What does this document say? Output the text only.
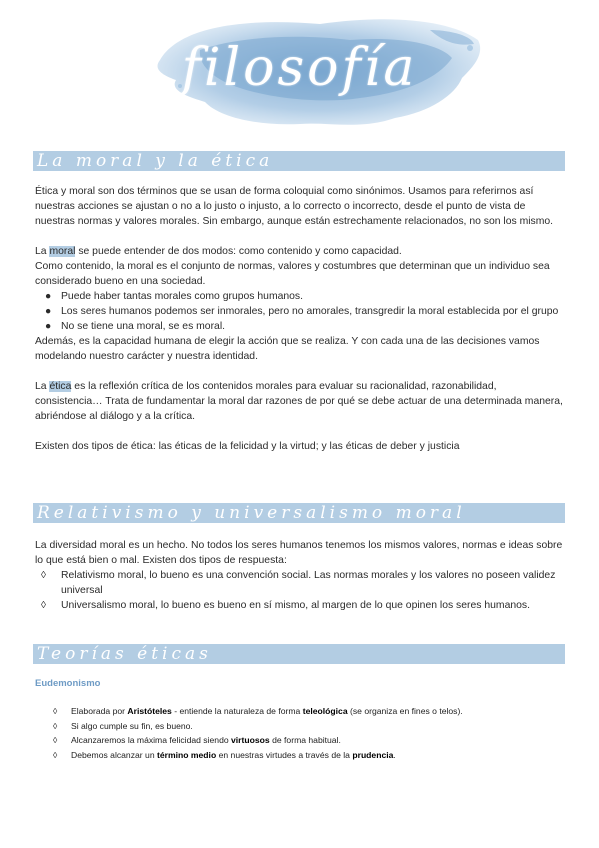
filosofía
La moral y la ética

Ética y moral son dos términos que se usan de forma coloquial como sinónimos. Usamos para referirnos así nuestras acciones se ajustan o no a lo justo o injusto, a lo correcto o incorrecto, desde el punto de vista de nuestras normas y valores morales. Sin embargo, aunque están estrechamente relacionados, no son los mismo.

La moral se puede entender de dos modos: como contenido y como capacidad.

Como contenido, la moral es el conjunto de normas, valores y costumbres que determinan que un individuo sea considerado bueno en una sociedad.

● Puede haber tantas morales como grupos humanos.
● Los seres humanos podemos ser inmorales, pero no amorales, transgredir la moral establecida por el grupo
● No se tiene una moral, se es moral.

Además, es la capacidad humana de elegir la acción que se realiza. Y con cada una de las decisiones vamos modelando nuestro carácter y nuestra identidad.

La ética es la reflexión crítica de los contenidos morales para evaluar su racionalidad, razonabilidad, consistencia… Trata de fundamentar la moral dar razones de por qué se debe actuar de una determinada manera, abriéndose al diálogo y a la crítica.

Existen dos tipos de ética: las éticas de la felicidad y la virtud; y las éticas de deber y justicia

Relativismo y universalismo moral

La diversidad moral es un hecho. No todos los seres humanos tenemos los mismos valores, normas e ideas sobre lo que está bien o mal. Existen dos tipos de respuesta:

◊ Relativismo moral, lo bueno es una convención social. Las normas morales y los valores no poseen validez universal
◊ Universalismo moral, lo bueno es bueno en sí mismo, al margen de lo que opinen los seres humanos.
Teorías éticas
Eudemonismo
◊ Elaborada por Aristóteles - entiende la naturaleza de forma teleológica (se organiza en fines o telos).
◊ Si algo cumple su fin, es bueno.
◊ Alcanzaremos la máxima felicidad siendo virtuosos de forma habitual.
◊ Debemos alcanzar un término medio en nuestras virtudes a través de la prudencia.
